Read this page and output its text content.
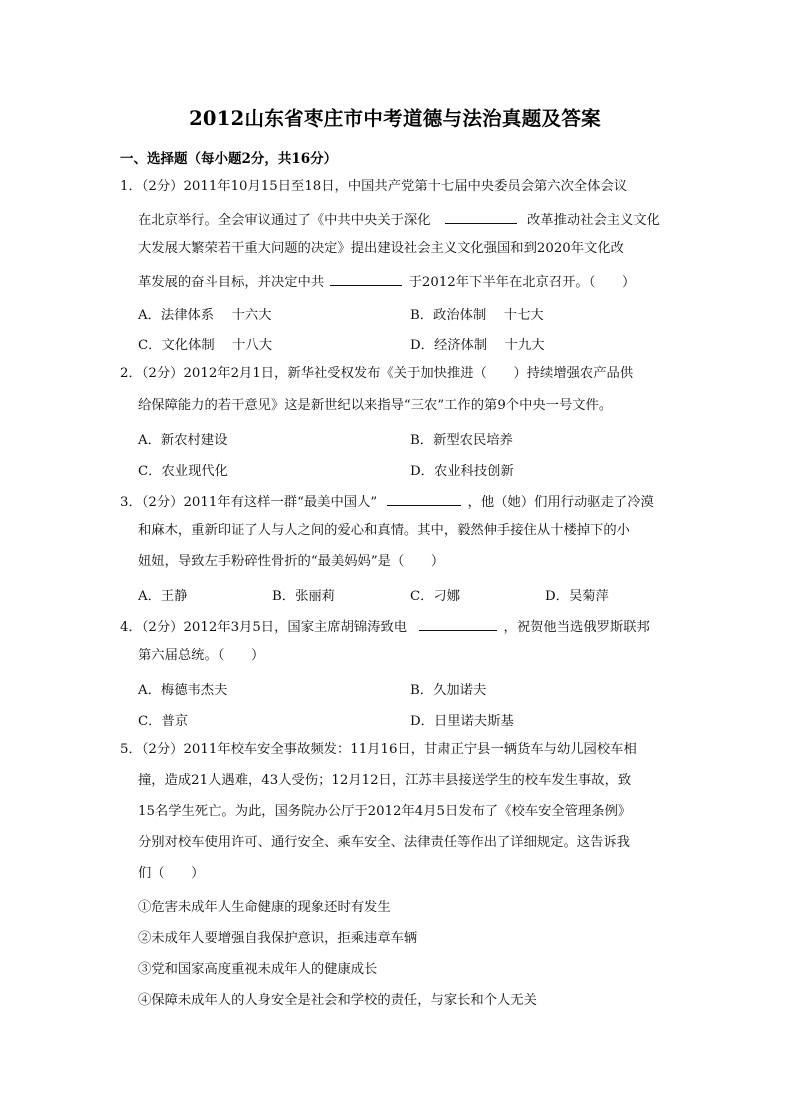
2012山东省枣庄市中考道德与法治真题及答案
一、选择题（每小题2分，共16分）
1．（2分）2011年10月15日至18日，中国共产党第十七届中央委员会第六次全体会议
在北京举行。全会审议通过了《中共中央关于深化	改革推动社会主义文化
大发展大繁荣若干重大问题的决定》提出建设社会主义文化强国和到2020年文化改
革发展的奋斗目标，并决定中共	于2012年下半年在北京召开。（　　）
A．法律体系　 十六大	B．政治体制　 十七大
C．文化体制　 十八大	D．经济体制　 十九大
2．（2分）2012年2月1日，新华社受权发布《关于加快推进（　　）持续增强农产品供
给保障能力的若干意见》这是新世纪以来指导“三农”工作的第9个中央一号文件。
A．新农村建设	B．新型农民培养
C．农业现代化	D．农业科技创新
3．（2分）2011年有这样一群“最美中国人”	，他（她）们用行动驱走了冷漠
和麻木，重新印证了人与人之间的爱心和真情。其中，毅然伸手接住从十楼掉下的小
妞妞，导致左手粉碎性骨折的“最美妈妈”是（　　）
A．王静	B．张丽莉	C．刁娜	D．吴菊萍
4．（2分）2012年3月5日，国家主席胡锦涛致电	，祝贺他当选俄罗斯联邦
第六届总统。（　　）
A．梅德韦杰夫	B．久加诺夫
C．普京	D．日里诺夫斯基
5．（2分）2011年校车安全事故频发：11月16日，甘肃正宁县一辆货车与幼儿园校车相
撞，造成21人遇难，43人受伤；12月12日，江苏丰县接送学生的校车发生事故，致
15名学生死亡。为此，国务院办公厅于2012年4月5日发布了《校车安全管理条例》
分别对校车使用许可、通行安全、乘车安全、法律责任等作出了详细规定。这告诉我
们（　　）
①危害未成年人生命健康的现象还时有发生
②未成年人要增强自我保护意识，拒乘违章车辆
③党和国家高度重视未成年人的健康成长
④保障未成年人的人身安全是社会和学校的责任，与家长和个人无关
